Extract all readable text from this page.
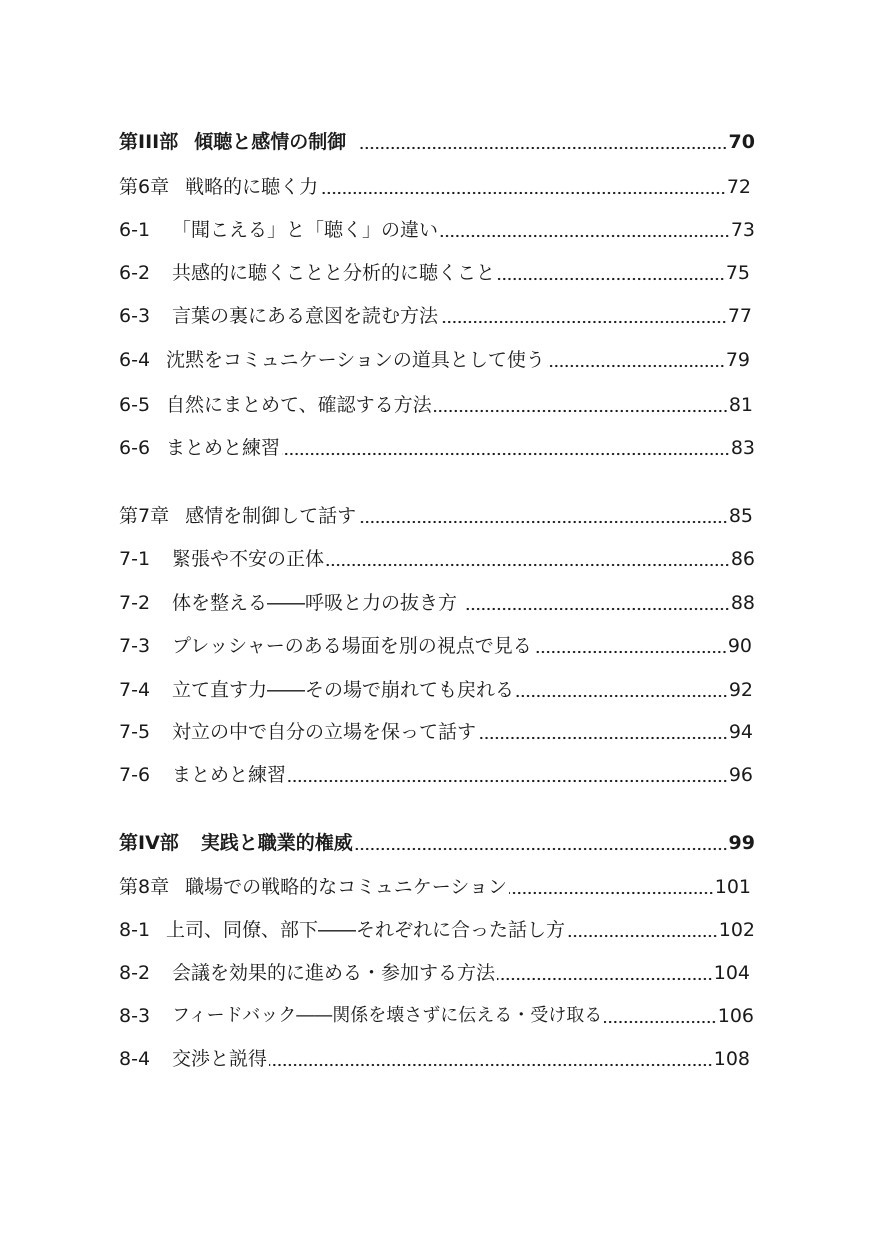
第III部 傾聴と感情の制御	70
第6章 戦略的に聴く力	72
6-1 「聞こえる」と「聴く」の違い	73
6-2 共感的に聴くことと分析的に聴くこと	75
6-3 言葉の裏にある意図を読む方法	77
6-4 沈黙をコミュニケーションの道具として使う	79
6-5 自然にまとめて、確認する方法	81
6-6 まとめと練習	83
第7章 感情を制御して話す	85
7-1 緊張や不安の正体	86
7-2 体を整える――呼吸と力の抜き方	88
7-3 プレッシャーのある場面を別の視点で見る	90
7-4 立て直す力――その場で崩れても戻れる	92
7-5 対立の中で自分の立場を保って話す	94
7-6 まとめと練習	96
第IV部 実践と職業的権威	99
第8章 職場での戦略的なコミュニケーション	101
8-1 上司、同僚、部下――それぞれに合った話し方	102
8-2 会議を効果的に進める・参加する方法	104
8-3 フィードバック――関係を壊さずに伝える・受け取る	106
8-4 交渉と説得	108
